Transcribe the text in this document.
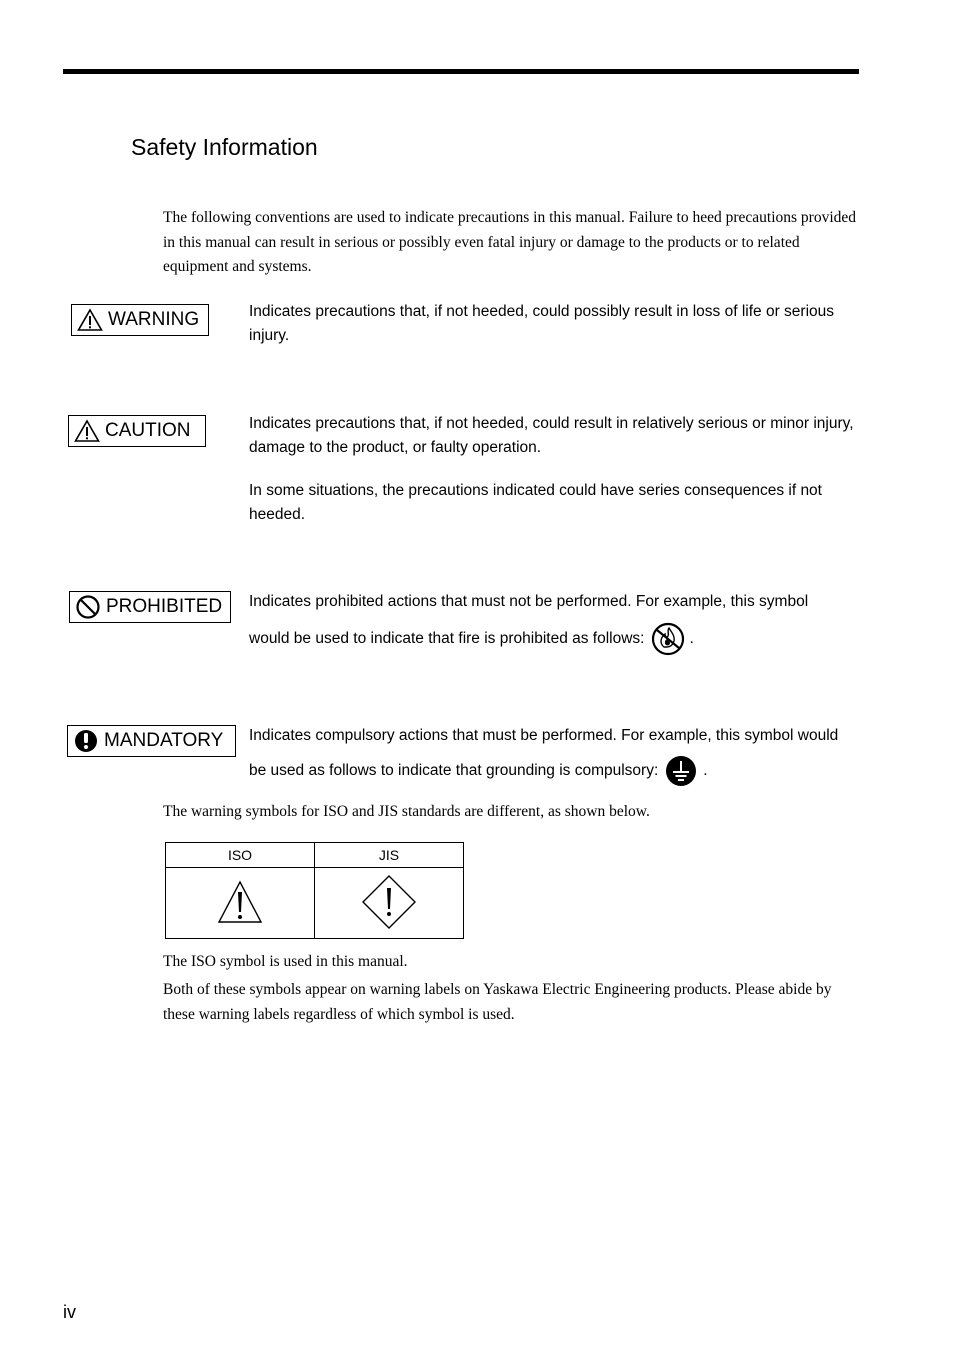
Safety Information
The following conventions are used to indicate precautions in this manual. Failure to heed precautions provided in this manual can result in serious or possibly even fatal injury or damage to the products or to related equipment and systems.
WARNING	Indicates precautions that, if not heeded, could possibly result in loss of life or serious injury.
CAUTION	Indicates precautions that, if not heeded, could result in relatively serious or minor injury, damage to the product, or faulty operation.
In some situations, the precautions indicated could have series consequences if not heeded.
PROHIBITED Indicates prohibited actions that must not be performed. For example, this symbol
would be used to indicate that fire is prohibited as follows:	.
MANDATORY Indicates compulsory actions that must be performed. For example, this symbol would
be used as follows to indicate that grounding is compulsory:	.
The warning symbols for ISO and JIS standards are different, as shown below.
ISO	JIS

The ISO symbol is used in this manual.
Both of these symbols appear on warning labels on Yaskawa Electric Engineering products. Please abide by these warning labels regardless of which symbol is used.
iv
